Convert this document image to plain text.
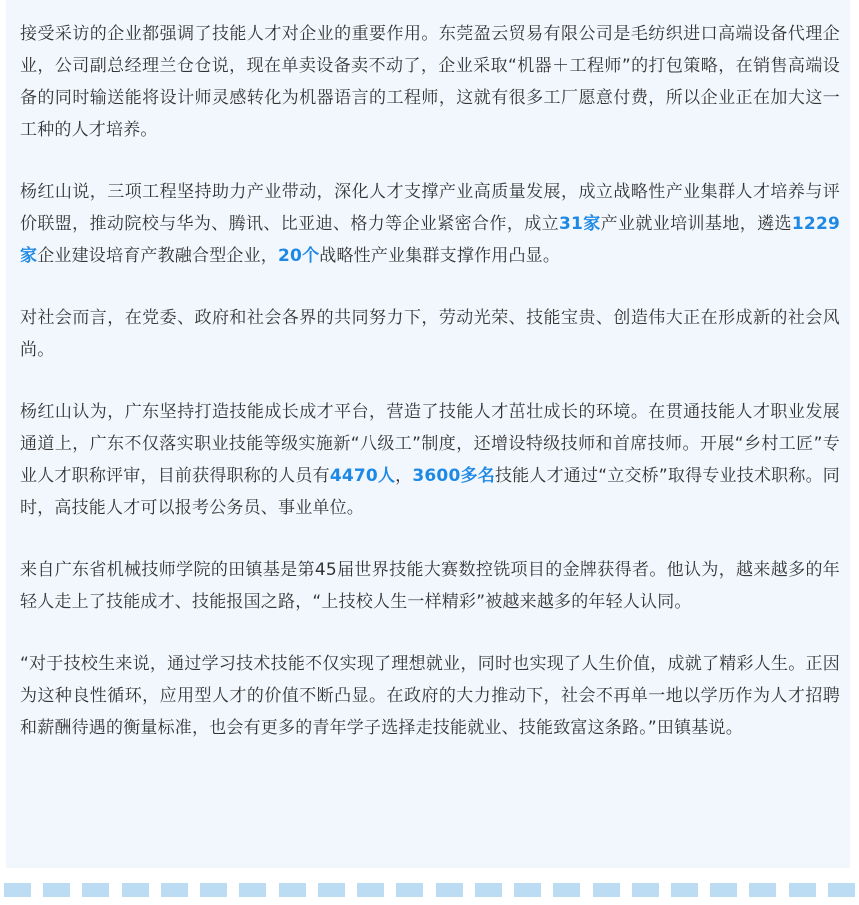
接受采访的企业都强调了技能人才对企业的重要作用。东莞盈云贸易有限公司是毛纺织进口高端设备代理企业，公司副总经理兰仓仓说，现在单卖设备卖不动了，企业采取“机器＋工程师”的打包策略，在销售高端设备的同时输送能将设计师灵感转化为机器语言的工程师，这就有很多工厂愿意付费，所以企业正在加大这一工种的人才培养。

杨红山说，三项工程坚持助力产业带动，深化人才支撑产业高质量发展，成立战略性产业集群人才培养与评价联盟，推动院校与华为、腾讯、比亚迪、格力等企业紧密合作，成立31家产业就业培训基地，遴选1229家企业建设培育产教融合型企业，20个战略性产业集群支撑作用凸显。

对社会而言，在党委、政府和社会各界的共同努力下，劳动光荣、技能宝贵、创造伟大正在形成新的社会风尚。

杨红山认为，广东坚持打造技能成长成才平台，营造了技能人才茁壮成长的环境。在贯通技能人才职业发展通道上，广东不仅落实职业技能等级实施新“八级工”制度，还增设特级技师和首席技师。开展“乡村工匠”专业人才职称评审，目前获得职称的人员有4470人，3600多名技能人才通过“立交桥”取得专业技术职称。同时，高技能人才可以报考公务员、事业单位。

来自广东省机械技师学院的田镇基是第45届世界技能大赛数控铣项目的金牌获得者。他认为，越来越多的年轻人走上了技能成才、技能报国之路，“上技校人生一样精彩”被越来越多的年轻人认同。

“对于技校生来说，通过学习技术技能不仅实现了理想就业，同时也实现了人生价值，成就了精彩人生。正因为这种良性循环，应用型人才的价值不断凸显。在政府的大力推动下，社会不再单一地以学历作为人才招聘和薪酬待遇的衡量标准，也会有更多的青年学子选择走技能就业、技能致富这条路。”田镇基说。
